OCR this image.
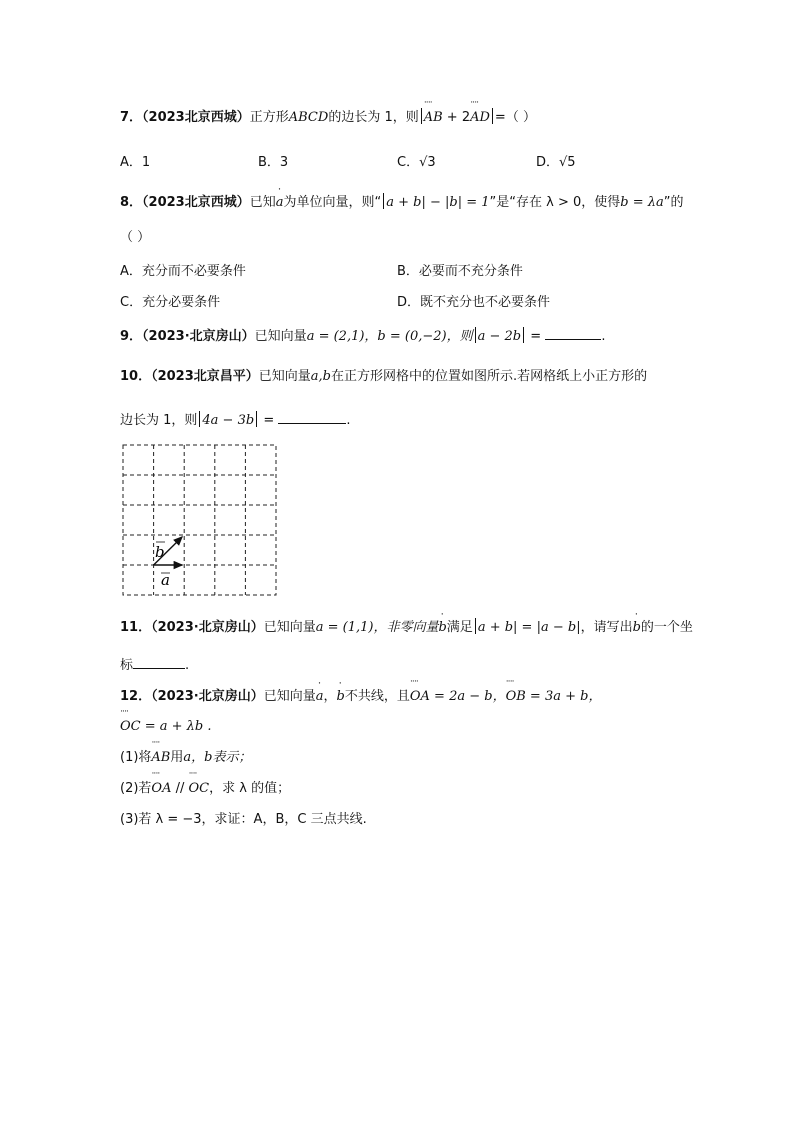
7．（2023北京西城）正方形ABCD的边长为 1，则¨¨ AB + 2¨¨ AD =（ ）
A．1	B．3	C．√3	D．√5
8．（2023北京西城）已知˙ a为单位向量，则“ a + b| − |b| = 1”是“存在 λ > 0，使得b = λa”的
（ ）
A．充分而不必要条件	B．必要而不充分条件
C．充分必要条件	D．既不充分也不必要条件
9．（2023·北京房山）已知向量a = (2,1)，b = (0,−2)，则 a − 2b =	.
10．（2023北京昌平）已知向量a,b在正方形网格中的位置如图所示.若网格纸上小正方形的
边长为 1，则 4a − 3b =	.
b
a
11．（2023·北京房山）已知向量a = (1,1)，非零向量˙ b满足 a + b| = |a − b|，请写出˙ b的一个坐
标	.
12．（2023·北京房山）已知向量˙ a，˙ b不共线，且¨¨ OA = 2a − b，¨¨ OB = 3a + b，
¨¨ OC = a + λb .
(1)将¨¨ AB用a，b表示；
(2)若¨¨ OA // ¨¨ OC，求 λ 的值；
(3)若 λ = −3，求证：A，B，C 三点共线.
